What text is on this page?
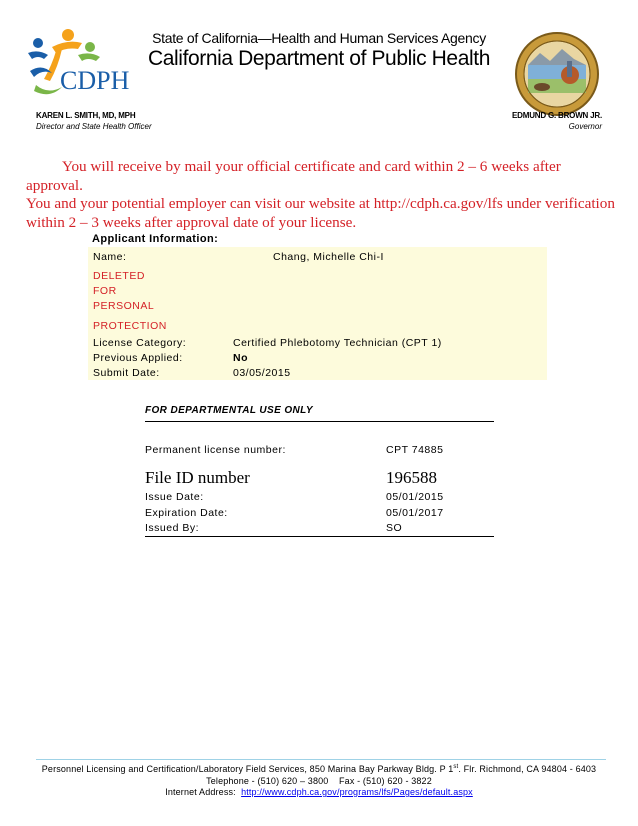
CDPH
State of California—Health and Human Services Agency
California Department of Public Health
KAREN L. SMITH, MD, MPH
Director and State Health Officer
EDMUND G. BROWN JR.
Governor
You will receive by mail your official certificate and card within 2 – 6 weeks after approval.
You and your potential employer can visit our website at http://cdph.ca.gov/lfs under verification
within 2 – 3 weeks after approval date of your license.
Applicant Information:
Name:	Chang, Michelle Chi-I

DELETED
FOR
PERSONAL	

PROTECTION	
License Category:	Certified Phlebotomy Technician (CPT 1)
Previous Applied:	No
Submit Date:	03/05/2015
FOR DEPARTMENTAL USE ONLY
Permanent license number:	CPT 74885
File ID number	196588
Issue Date:	05/01/2015
Expiration Date:	05/01/2017
Issued By:	SO
Personnel Licensing and Certification/Laboratory Field Services, 850 Marina Bay Parkway Bldg. P 1st. Flr. Richmond, CA 94804 - 6403
Telephone - (510) 620 – 3800    Fax - (510) 620 - 3822
Internet Address: http://www.cdph.ca.gov/programs/lfs/Pages/default.aspx
